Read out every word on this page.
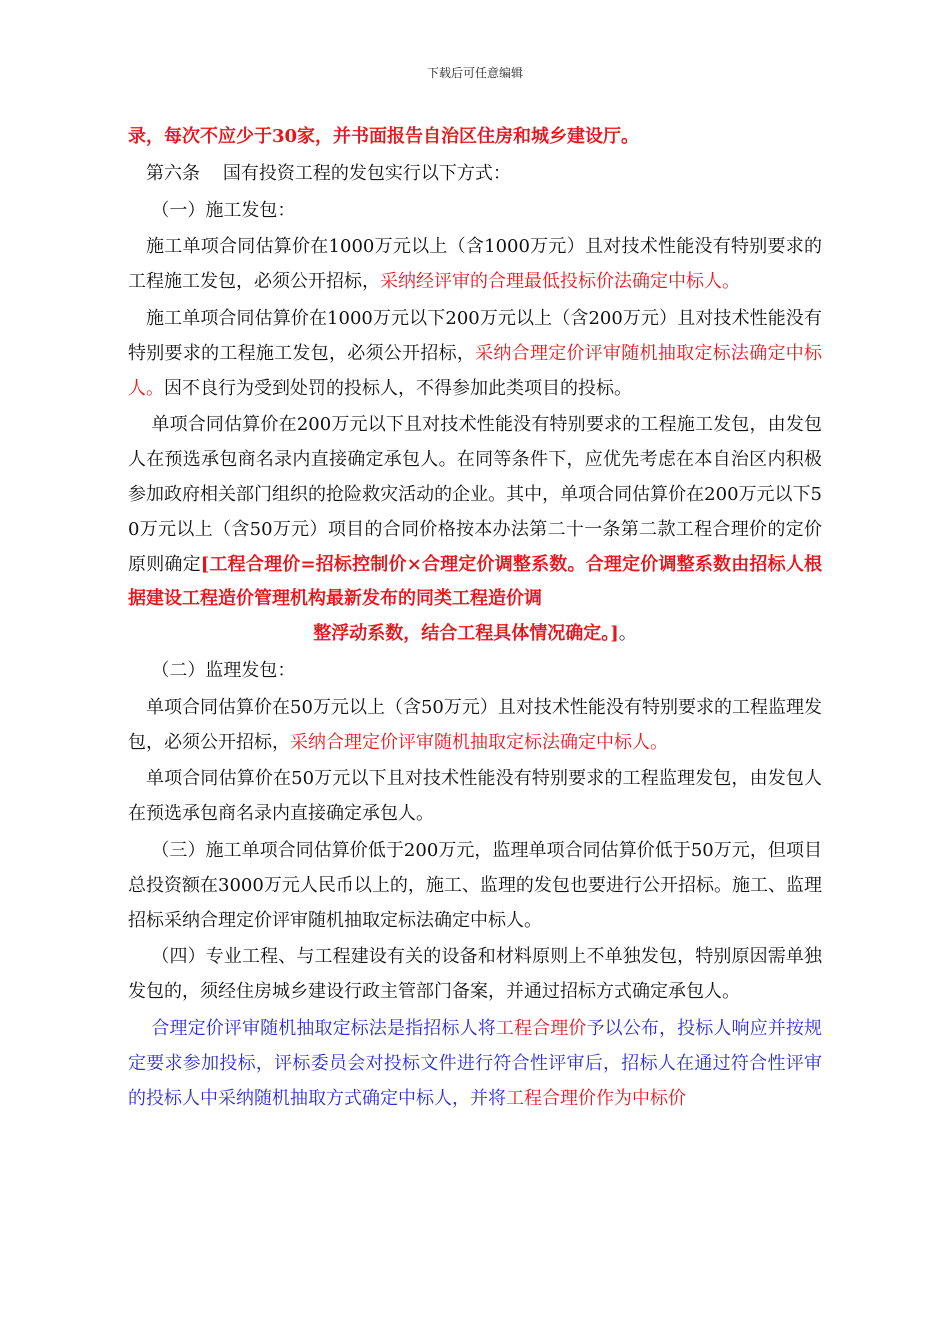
下载后可任意编辑

录，每次不应少于30家，并书面报告自治区住房和城乡建设厅。

第六条    国有投资工程的发包实行以下方式：

（一）施工发包：

施工单项合同估算价在1000万元以上（含1000万元）且对技术性能没有特别要求的工程施工发包，必须公开招标，采纳经评审的合理最低投标价法确定中标人。

施工单项合同估算价在1000万元以下200万元以上（含200万元）且对技术性能没有特别要求的工程施工发包，必须公开招标，采纳合理定价评审随机抽取定标法确定中标人。因不良行为受到处罚的投标人，不得参加此类项目的投标。

单项合同估算价在200万元以下且对技术性能没有特别要求的工程施工发包，由发包人在预选承包商名录内直接确定承包人。在同等条件下，应优先考虑在本自治区内积极参加政府相关部门组织的抢险救灾活动的企业。其中，单项合同估算价在200万元以下50万元以上（含50万元）项目的合同价格按本办法第二十一条第二款工程合理价的定价原则确定[工程合理价=招标控制价×合理定价调整系数。合理定价调整系数由招标人根据建设工程造价管理机构最新发布的同类工程造价调

整浮动系数，结合工程具体情况确定。]。

（二）监理发包：

单项合同估算价在50万元以上（含50万元）且对技术性能没有特别要求的工程监理发包，必须公开招标，采纳合理定价评审随机抽取定标法确定中标人。

单项合同估算价在50万元以下且对技术性能没有特别要求的工程监理发包，由发包人在预选承包商名录内直接确定承包人。

（三）施工单项合同估算价低于200万元，监理单项合同估算价低于50万元，但项目总投资额在3000万元人民币以上的，施工、监理的发包也要进行公开招标。施工、监理招标采纳合理定价评审随机抽取定标法确定中标人。

（四）专业工程、与工程建设有关的设备和材料原则上不单独发包，特别原因需单独发包的，须经住房城乡建设行政主管部门备案，并通过招标方式确定承包人。

合理定价评审随机抽取定标法是指招标人将工程合理价予以公布，投标人响应并按规定要求参加投标，评标委员会对投标文件进行符合性评审后，招标人在通过符合性评审的投标人中采纳随机抽取方式确定中标人，并将工程合理价作为中标价
